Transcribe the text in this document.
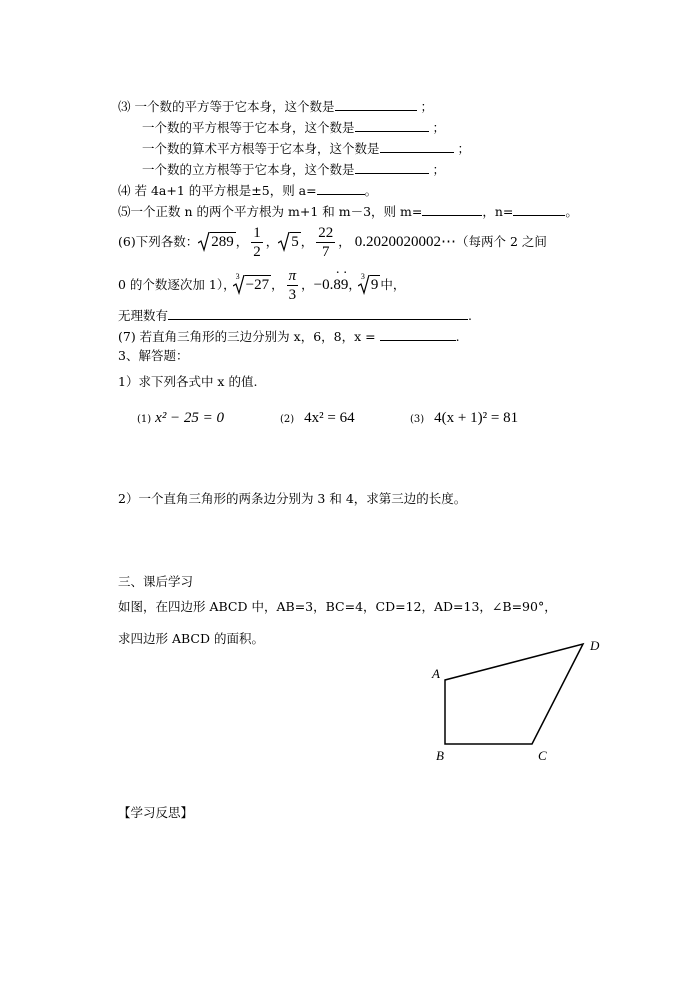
⑶ 一个数的平方等于它本身，这个数是	；
一个数的平方根等于它本身，这个数是	；
一个数的算术平方根等于它本身，这个数是	；
一个数的立方根等于它本身，这个数是	；
⑷ 若 4a+1 的平方根是±5，则 a=	。
⑸一个正数 n 的两个平方根为 m+1 和 m－3，则 m=	，n=	。
(6)下列各数： 289 ， $\frac{1}{2}$ ， 5 ， $\frac{22}{7}$ ， 0.2020020002⋯ （每两个 2 之间
0 的个数逐次加 1），
3
−27 ， $\frac{\pi}{3}$ ， −0.8 ·9 · ，
3
9 中，
无理数有	.
(7) 若直角三角形的三边分别为 x，6，8，x =	.
3、解答题：
1）求下列各式中 x 的值.
(1) x² − 25 = 0	(2) 4x² = 64	(3) 4(x + 1)² = 81
2）一个直角三角形的两条边分别为 3 和 4，求第三边的长度。
三、课后学习
如图，在四边形 ABCD 中，AB=3，BC=4，CD=12，AD=13，∠B=90°，
求四边形 ABCD 的面积。
A
B	C
D
【学习反思】
